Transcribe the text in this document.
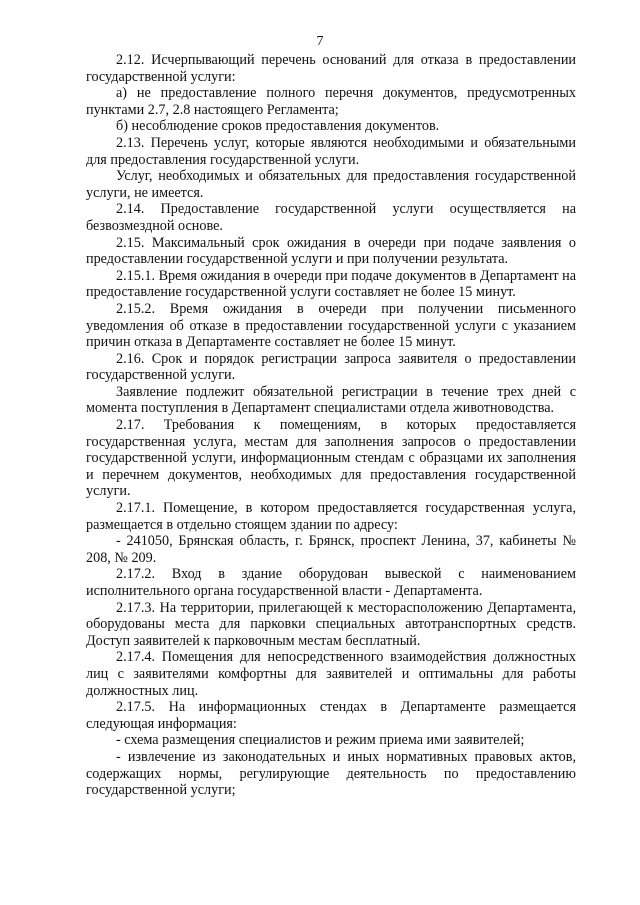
7

2.12. Исчерпывающий перечень оснований для отказа в предоставлении государственной услуги:

а) не предоставление полного перечня документов, предусмотренных пунктами 2.7, 2.8 настоящего Регламента;

б) несоблюдение сроков предоставления документов.

2.13. Перечень услуг, которые являются необходимыми и обязательными для предоставления государственной услуги.

Услуг, необходимых и обязательных для предоставления государственной услуги, не имеется.

2.14. Предоставление государственной услуги осуществляется на безвозмездной основе.

2.15. Максимальный срок ожидания в очереди при подаче заявления о предоставлении государственной услуги и при получении результата.

2.15.1. Время ожидания в очереди при подаче документов в Департамент на предоставление государственной услуги составляет не более 15 минут.

2.15.2. Время ожидания в очереди при получении письменного уведомления об отказе в предоставлении государственной услуги с указанием причин отказа в Департаменте составляет не более 15 минут.

2.16. Срок и порядок регистрации запроса заявителя о предоставлении государственной услуги.

Заявление подлежит обязательной регистрации в течение трех дней с момента поступления в Департамент специалистами отдела животноводства.

2.17. Требования к помещениям, в которых предоставляется государственная услуга, местам для заполнения запросов о предоставлении государственной услуги, информационным стендам с образцами их заполнения и перечнем документов, необходимых для предоставления государственной услуги.

2.17.1. Помещение, в котором предоставляется государственная услуга, размещается в отдельно стоящем здании по адресу:

- 241050, Брянская область, г. Брянск, проспект Ленина, 37, кабинеты № 208, № 209.

2.17.2. Вход в здание оборудован вывеской с наименованием исполнительного органа государственной власти - Департамента.

2.17.3. На территории, прилегающей к месторасположению Департамента, оборудованы места для парковки специальных автотранспортных средств. Доступ заявителей к парковочным местам бесплатный.

2.17.4. Помещения для непосредственного взаимодействия должностных лиц с заявителями комфортны для заявителей и оптимальны для работы должностных лиц.

2.17.5. На информационных стендах в Департаменте размещается следующая информация:

- схема размещения специалистов и режим приема ими заявителей;

- извлечение из законодательных и иных нормативных правовых актов, содержащих нормы, регулирующие деятельность по предоставлению государственной услуги;
